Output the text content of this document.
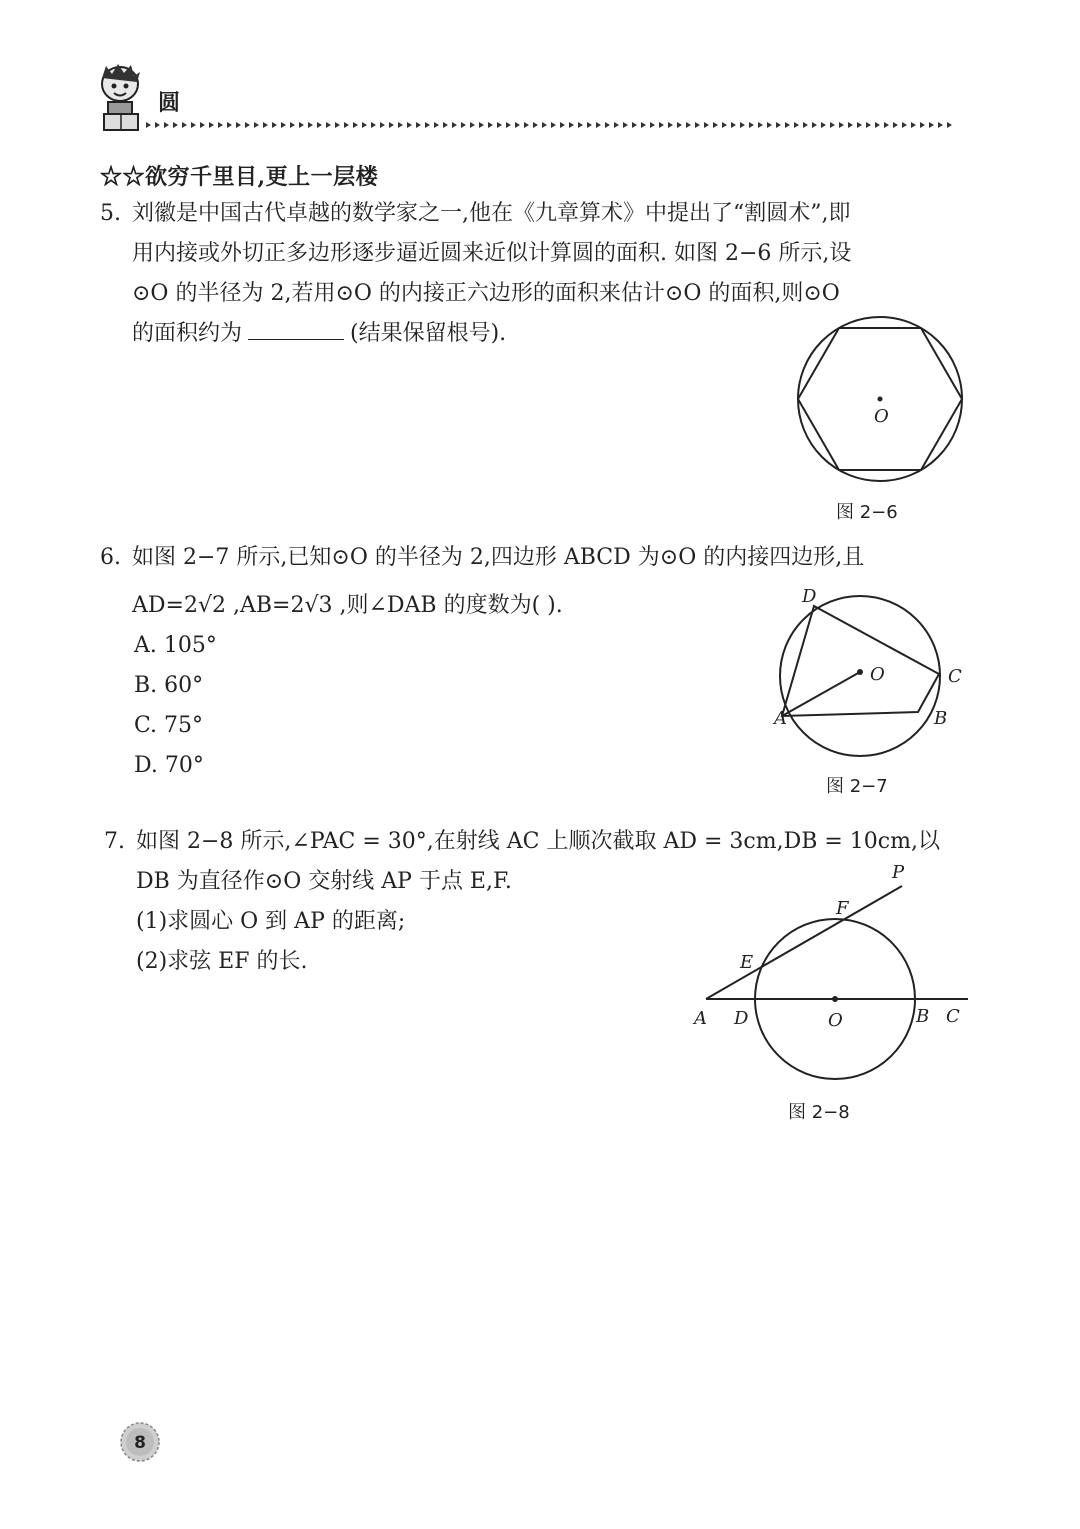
圆
☆☆欲穷千里目,更上一层楼
5. 刘徽是中国古代卓越的数学家之一,他在《九章算术》中提出了“割圆术”,即
用内接或外切正多边形逐步逼近圆来近似计算圆的面积. 如图 2−6 所示,设
⊙O 的半径为 2,若用⊙O 的内接正六边形的面积来估计⊙O 的面积,则⊙O
的面积约为	(结果保留根号).
O
图 2−6
6. 如图 2−7 所示,已知⊙O 的半径为 2,四边形 ABCD 为⊙O 的内接四边形,且
AD=2√2 ,AB=2√3 ,则∠DAB 的度数为( ).
A. 105°
B. 60°
C. 75°
D. 70°
D
O	C
A	B
图 2−7
7. 如图 2−8 所示,∠PAC = 30°,在射线 AC 上顺次截取 AD = 3cm,DB = 10cm,以
DB 为直径作⊙O 交射线 AP 于点 E,F.
(1)求圆心 O 到 AP 的距离;
(2)求弦 EF 的长.
P
F
E
A D	O	B C
图 2−8
8
